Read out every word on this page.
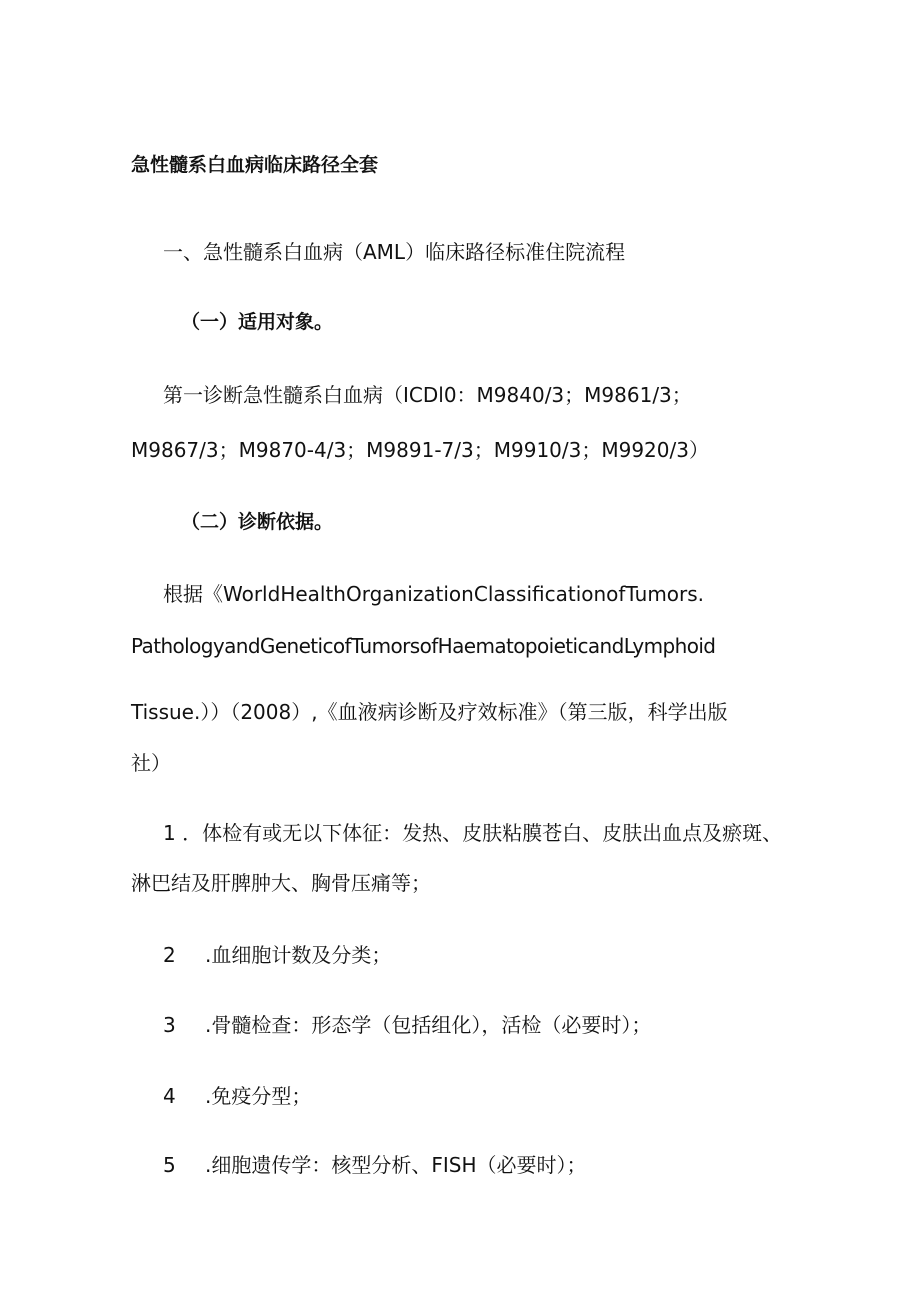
急性髓系白血病临床路径全套
一、急性髓系白血病（AML）临床路径标准住院流程
（一）适用对象。
第一诊断急性髓系白血病（ICDl0：M9840/3；M9861/3；
M9867/3；M9870-4/3；M9891-7/3；M9910/3；M9920/3）
（二）诊断依据。
根据《WorldHealthOrganizationClassificationofTumors.
PathologyandGeneticofTumorsofHaematopoieticandLymphoid
Tissue.））（2008）,《血液病诊断及疗效标准》（第三版，科学出版
社）
1 ．体检有或无以下体征：发热、皮肤粘膜苍白、皮肤出血点及瘀斑、
淋巴结及肝脾肿大、胸骨压痛等；
2 .血细胞计数及分类；
3 .骨髓检查：形态学（包括组化），活检（必要时）；
4 .免疫分型；
5 .细胞遗传学：核型分析、FISH（必要时）；
